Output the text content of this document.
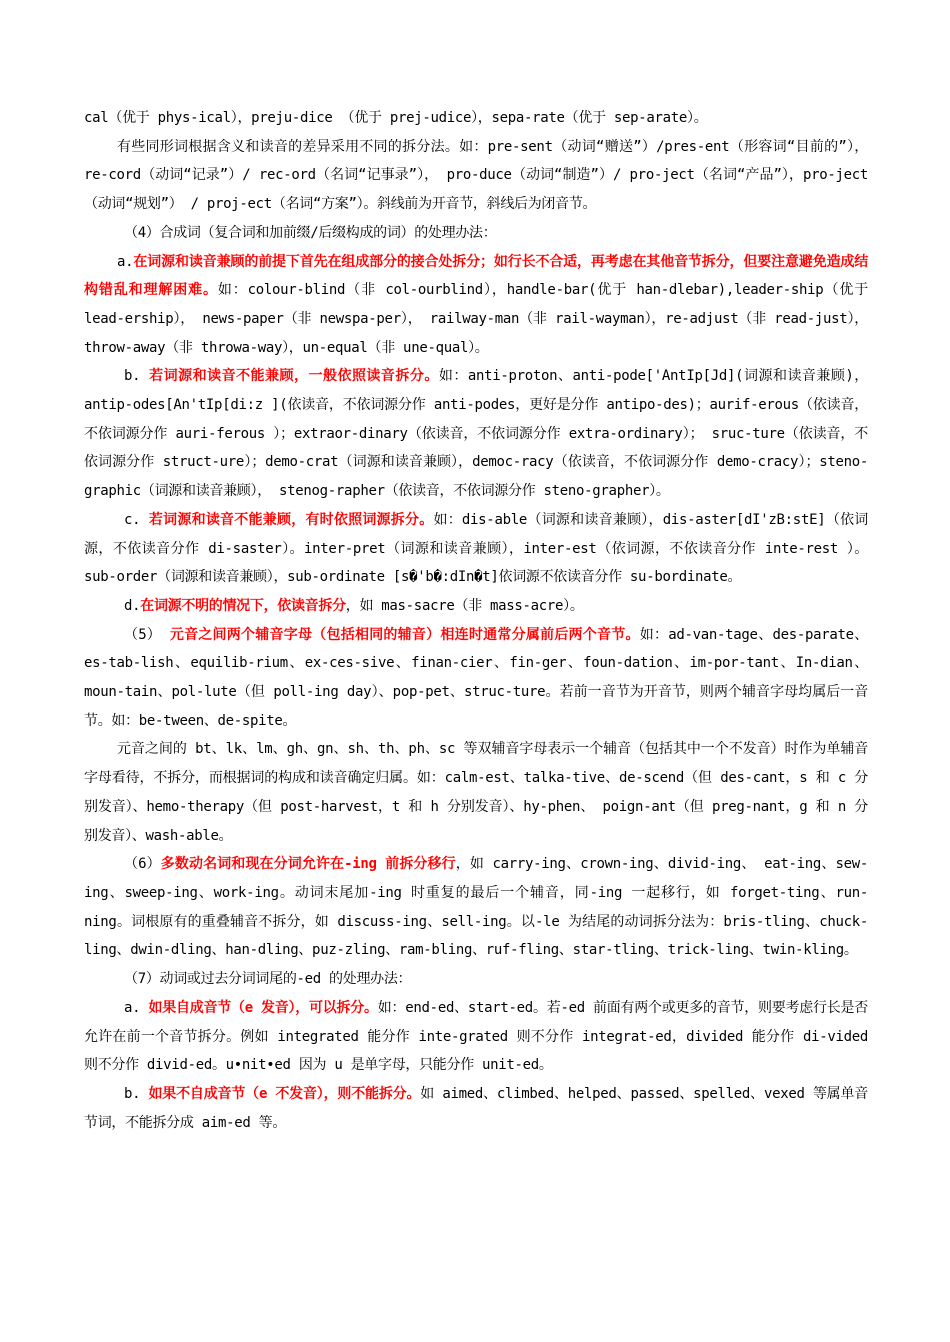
cal（优于 phys-ical），preju-dice （优于 prej-udice），sepa-rate（优于 sep-arate）。

有些同形词根据含义和读音的差异采用不同的拆分法。如：pre-sent（动词“赠送”）/pres-ent（形容词“目前的”）， re-cord（动词“记录”）/ rec-ord（名词“记事录”）， pro-duce（动词“制造”）/ pro-ject（名词“产品”），pro-ject（动词“规划”） / proj-ect（名词“方案”）。斜线前为开音节，斜线后为闭音节。

（4）合成词（复合词和加前缀/后缀构成的词）的处理办法：

a.在词源和读音兼顾的前提下首先在组成部分的接合处拆分；如行长不合适，再考虑在其他音节拆分，但要注意避免造成结构错乱和理解困难。如：colour-blind（非 col-ourblind），handle-bar(优于 han-dlebar),leader-ship（优于 lead-ership）， news-paper（非 newspa-per）， railway-man（非 rail-wayman），re-adjust（非 read-just），throw-away（非 throwa-way），un-equal（非 une-qual）。

b. 若词源和读音不能兼顾，一般依照读音拆分。如：anti-proton、anti-pode['AntIp[Jd](词源和读音兼顾)，antip-odes[An'tIp[di:z ](依读音，不依词源分作 anti-podes，更好是分作 antipo-des)；aurif-erous（依读音，不依词源分作 auri-ferous ）；extraor-dinary（依读音，不依词源分作 extra-ordinary）； sruc-ture（依读音，不依词源分作 struct-ure）；demo-crat（词源和读音兼顾），democ-racy（依读音，不依词源分作 demo-cracy）；steno-graphic（词源和读音兼顾）， stenog-rapher（依读音，不依词源分作 steno-grapher）。

c. 若词源和读音不能兼顾，有时依照词源拆分。如：dis-able（词源和读音兼顾），dis-aster[dI'zB:stE]（依词源，不依读音分作 di-saster）。inter-pret（词源和读音兼顾），inter-est（依词源，不依读音分作 inte-rest ）。sub-order（词源和读音兼顾），sub-ordinate [s�'b�:dIn�t]依词源不依读音分作 su-bordinate。

d.在词源不明的情况下，依读音拆分，如 mas-sacre（非 mass-acre）。

（5） 元音之间两个辅音字母（包括相同的辅音）相连时通常分属前后两个音节。如：ad-van-tage、des-parate、es-tab-lish、equilib-rium、ex-ces-sive、finan-cier、fin-ger、foun-dation、im-por-tant、In-dian、moun-tain、pol-lute（但 poll-ing day）、pop-pet、struc-ture。若前一音节为开音节，则两个辅音字母均属后一音节。如：be-tween、de-spite。

元音之间的 bt、lk、lm、gh、gn、sh、th、ph、sc 等双辅音字母表示一个辅音（包括其中一个不发音）时作为单辅音字母看待，不拆分，而根据词的构成和读音确定归属。如：calm-est、talka-tive、de-scend（但 des-cant，s 和 c 分别发音）、hemo-therapy（但 post-harvest，t 和 h 分别发音）、hy-phen、 poign-ant（但 preg-nant，g 和 n 分别发音）、wash-able。

（6）多数动名词和现在分词允许在-ing 前拆分移行，如 carry-ing、crown-ing、divid-ing、 eat-ing、sew-ing、sweep-ing、work-ing。动词末尾加-ing 时重复的最后一个辅音，同-ing 一起移行，如 forget-ting、run-ning。词根原有的重叠辅音不拆分，如 discuss-ing、sell-ing。以-le 为结尾的动词拆分法为：bris-tling、chuck-ling、dwin-dling、han-dling、puz-zling、ram-bling、ruf-fling、star-tling、trick-ling、twin-kling。

（7）动词或过去分词词尾的-ed 的处理办法：

a. 如果自成音节（e 发音），可以拆分。如：end-ed、start-ed。若-ed 前面有两个或更多的音节，则要考虑行长是否允许在前一个音节拆分。例如 integrated 能分作 inte-grated 则不分作 integrat-ed，divided 能分作 di-vided 则不分作 divid-ed。u•nit•ed 因为 u 是单字母，只能分作 unit-ed。

b. 如果不自成音节（e 不发音），则不能拆分。如 aimed、climbed、helped、passed、spelled、vexed 等属单音节词，不能拆分成 aim-ed 等。
